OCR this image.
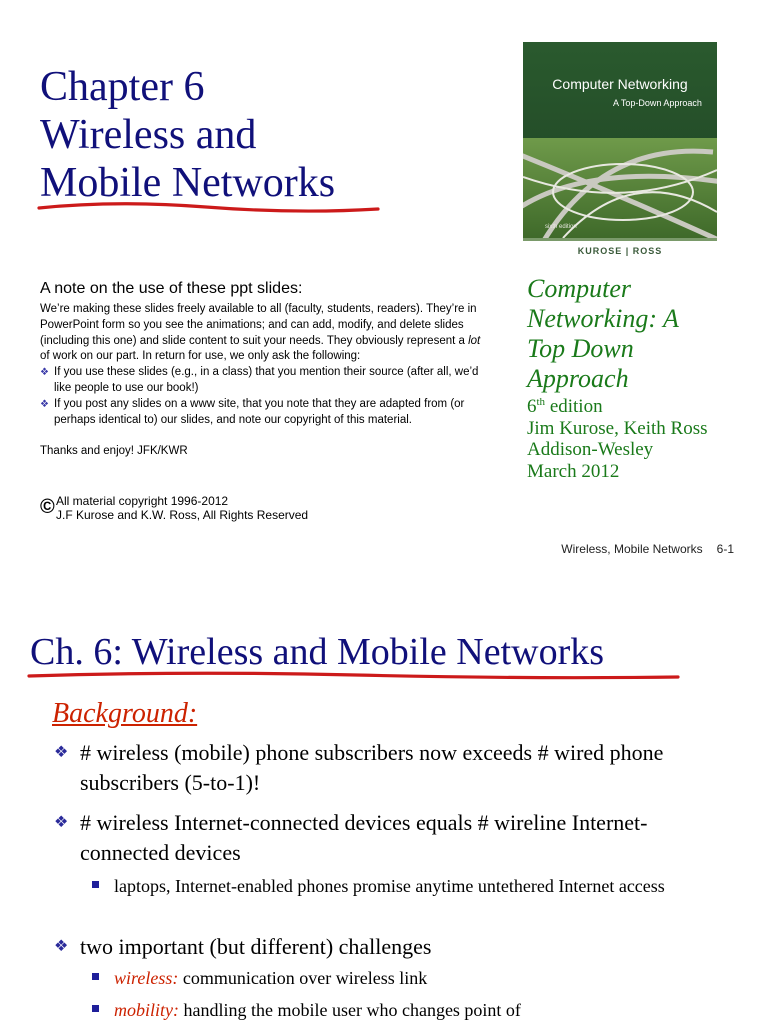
Chapter 6
Wireless and
Mobile Networks
Computer Networking
A Top-Down Approach
sixth edition
KUROSE | ROSS
A note on the use of these ppt slides:

We’re making these slides freely available to all (faculty, students, readers). They’re in PowerPoint form so you see the animations; and can add, modify, and delete slides (including this one) and slide content to suit your needs. They obviously represent a lot of work on our part. In return for use, we only ask the following:

❖ If you use these slides (e.g., in a class) that you mention their source (after all, we’d like people to use our book!)
❖ If you post any slides on a www site, that you note that they are adapted from (or perhaps identical to) our slides, and note our copyright of this material.

Thanks and enjoy! JFK/KWR

© All material copyright 1996-2012
J.F Kurose and K.W. Ross, All Rights Reserved
Computer
Networking: A
Top Down
Approach
6th edition
Jim Kurose, Keith Ross
Addison-Wesley
March 2012
Wireless, Mobile Networks 6-1
Ch. 6: Wireless and Mobile Networks
Background:
❖ # wireless (mobile) phone subscribers now exceeds # wired phone subscribers (5-to-1)!
❖ # wireless Internet-connected devices equals # wireline Internet-connected devices
laptops, Internet-enabled phones promise anytime untethered Internet access
❖ two important (but different) challenges
wireless: communication over wireless link
mobility: handling the mobile user who changes point of
